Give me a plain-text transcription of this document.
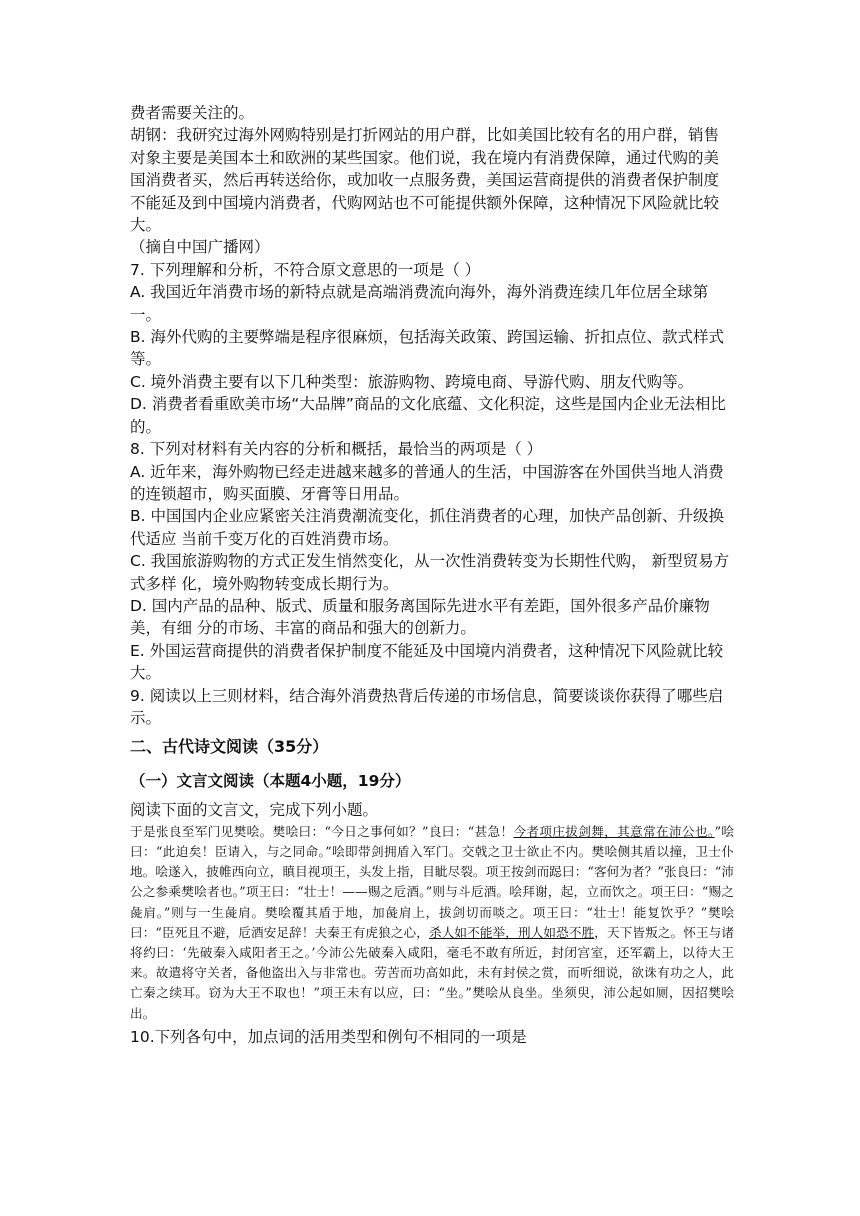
费者需要关注的。

胡钢：我研究过海外网购特别是打折网站的用户群，比如美国比较有名的用户群，销售对象主要是美国本土和欧洲的某些国家。他们说，我在境内有消费保障，通过代购的美国消费者买，然后再转送给你，或加收一点服务费，美国运营商提供的消费者保护制度不能延及到中国境内消费者，代购网站也不可能提供额外保障，这种情况下风险就比较大。

（摘自中国广播网）

7. 下列理解和分析，不符合原文意思的一项是（ ）

A. 我国近年消费市场的新特点就是高端消费流向海外，海外消费连续几年位居全球第一。

B. 海外代购的主要弊端是程序很麻烦，包括海关政策、跨国运输、折扣点位、款式样式等。

C. 境外消费主要有以下几种类型：旅游购物、跨境电商、导游代购、朋友代购等。

D. 消费者看重欧美市场“大品牌”商品的文化底蕴、文化积淀，这些是国内企业无法相比的。

8. 下列对材料有关内容的分析和概括，最恰当的两项是（ ）

A. 近年来，海外购物已经走进越来越多的普通人的生活，中国游客在外国供当地人消费的连锁超市，购买面膜、牙膏等日用品。

B. 中国国内企业应紧密关注消费潮流变化，抓住消费者的心理，加快产品创新、升级换代适应 当前千变万化的百姓消费市场。

C. 我国旅游购物的方式正发生悄然变化，从一次性消费转变为长期性代购， 新型贸易方式多样 化，境外购物转变成长期行为。

D. 国内产品的品种、版式、质量和服务离国际先进水平有差距，国外很多产品价廉物美，有细 分的市场、丰富的商品和强大的创新力。

E. 外国运营商提供的消费者保护制度不能延及中国境内消费者，这种情况下风险就比较大。

9. 阅读以上三则材料，结合海外消费热背后传递的市场信息，简要谈谈你获得了哪些启示。

二、古代诗文阅读（35分）
（一）文言文阅读（本题4小题，19分）

阅读下面的文言文，完成下列小题。

于是张良至军门见樊哙。樊哙曰：“今日之事何如？”良曰：“甚急！今者项庄拔剑舞，其意常在沛公也。”哙曰：“此迫矣！臣请入，与之同命。”哙即带剑拥盾入军门。交戟之卫士欲止不内。樊哙侧其盾以撞，卫士仆地。哙遂入，披帷西向立，瞋目视项王，头发上指，目眦尽裂。项王按剑而跽曰：“客何为者？”张良曰：“沛公之参乘樊哙者也。”项王曰：“壮士！——赐之卮酒。”则与斗卮酒。哙拜谢，起，立而饮之。项王曰：“赐之彘肩。”则与一生彘肩。樊哙覆其盾于地，加彘肩上，拔剑切而啖之。项王曰：“壮士！能复饮乎？”樊哙曰：“臣死且不避，卮酒安足辞！夫秦王有虎狼之心，杀人如不能举，刑人如恐不胜，天下皆叛之。怀王与诸将约曰：‘先破秦入咸阳者王之。’今沛公先破秦入咸阳，毫毛不敢有所近，封闭宫室，还军霸上，以待大王来。故遣将守关者，备他盗出入与非常也。劳苦而功高如此，未有封侯之赏，而听细说，欲诛有功之人，此亡秦之续耳。窃为大王不取也！”项王未有以应，曰：“坐。”樊哙从良坐。坐须臾，沛公起如厕，因招樊哙出。

10.下列各句中，加点词的活用类型和例句不相同的一项是
